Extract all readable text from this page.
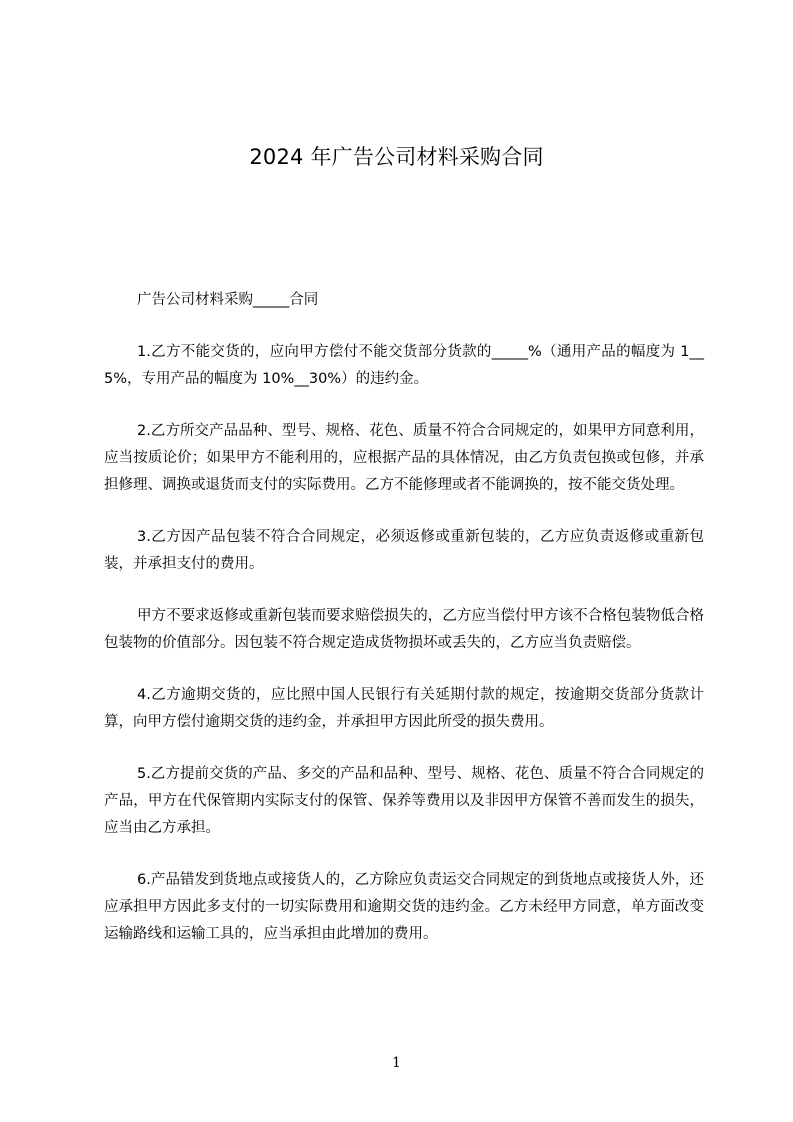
2024 年广告公司材料采购合同

广告公司材料采购_____合同

1.乙方不能交货的，应向甲方偿付不能交货部分货款的_____%（通用产品的幅度为 1__5%，专用产品的幅度为 10%__30%）的违约金。

2.乙方所交产品品种、型号、规格、花色、质量不符合合同规定的，如果甲方同意利用，应当按质论价；如果甲方不能利用的，应根据产品的具体情况，由乙方负责包换或包修，并承担修理、调换或退货而支付的实际费用。乙方不能修理或者不能调换的，按不能交货处理。

3.乙方因产品包装不符合合同规定，必须返修或重新包装的，乙方应负责返修或重新包装，并承担支付的费用。

甲方不要求返修或重新包装而要求赔偿损失的，乙方应当偿付甲方该不合格包装物低合格包装物的价值部分。因包装不符合规定造成货物损坏或丢失的，乙方应当负责赔偿。

4.乙方逾期交货的，应比照中国人民银行有关延期付款的规定，按逾期交货部分货款计算，向甲方偿付逾期交货的违约金，并承担甲方因此所受的损失费用。

5.乙方提前交货的产品、多交的产品和品种、型号、规格、花色、质量不符合合同规定的产品，甲方在代保管期内实际支付的保管、保养等费用以及非因甲方保管不善而发生的损失，应当由乙方承担。

6.产品错发到货地点或接货人的，乙方除应负责运交合同规定的到货地点或接货人外，还应承担甲方因此多支付的一切实际费用和逾期交货的违约金。乙方未经甲方同意，单方面改变运输路线和运输工具的，应当承担由此增加的费用。

1
